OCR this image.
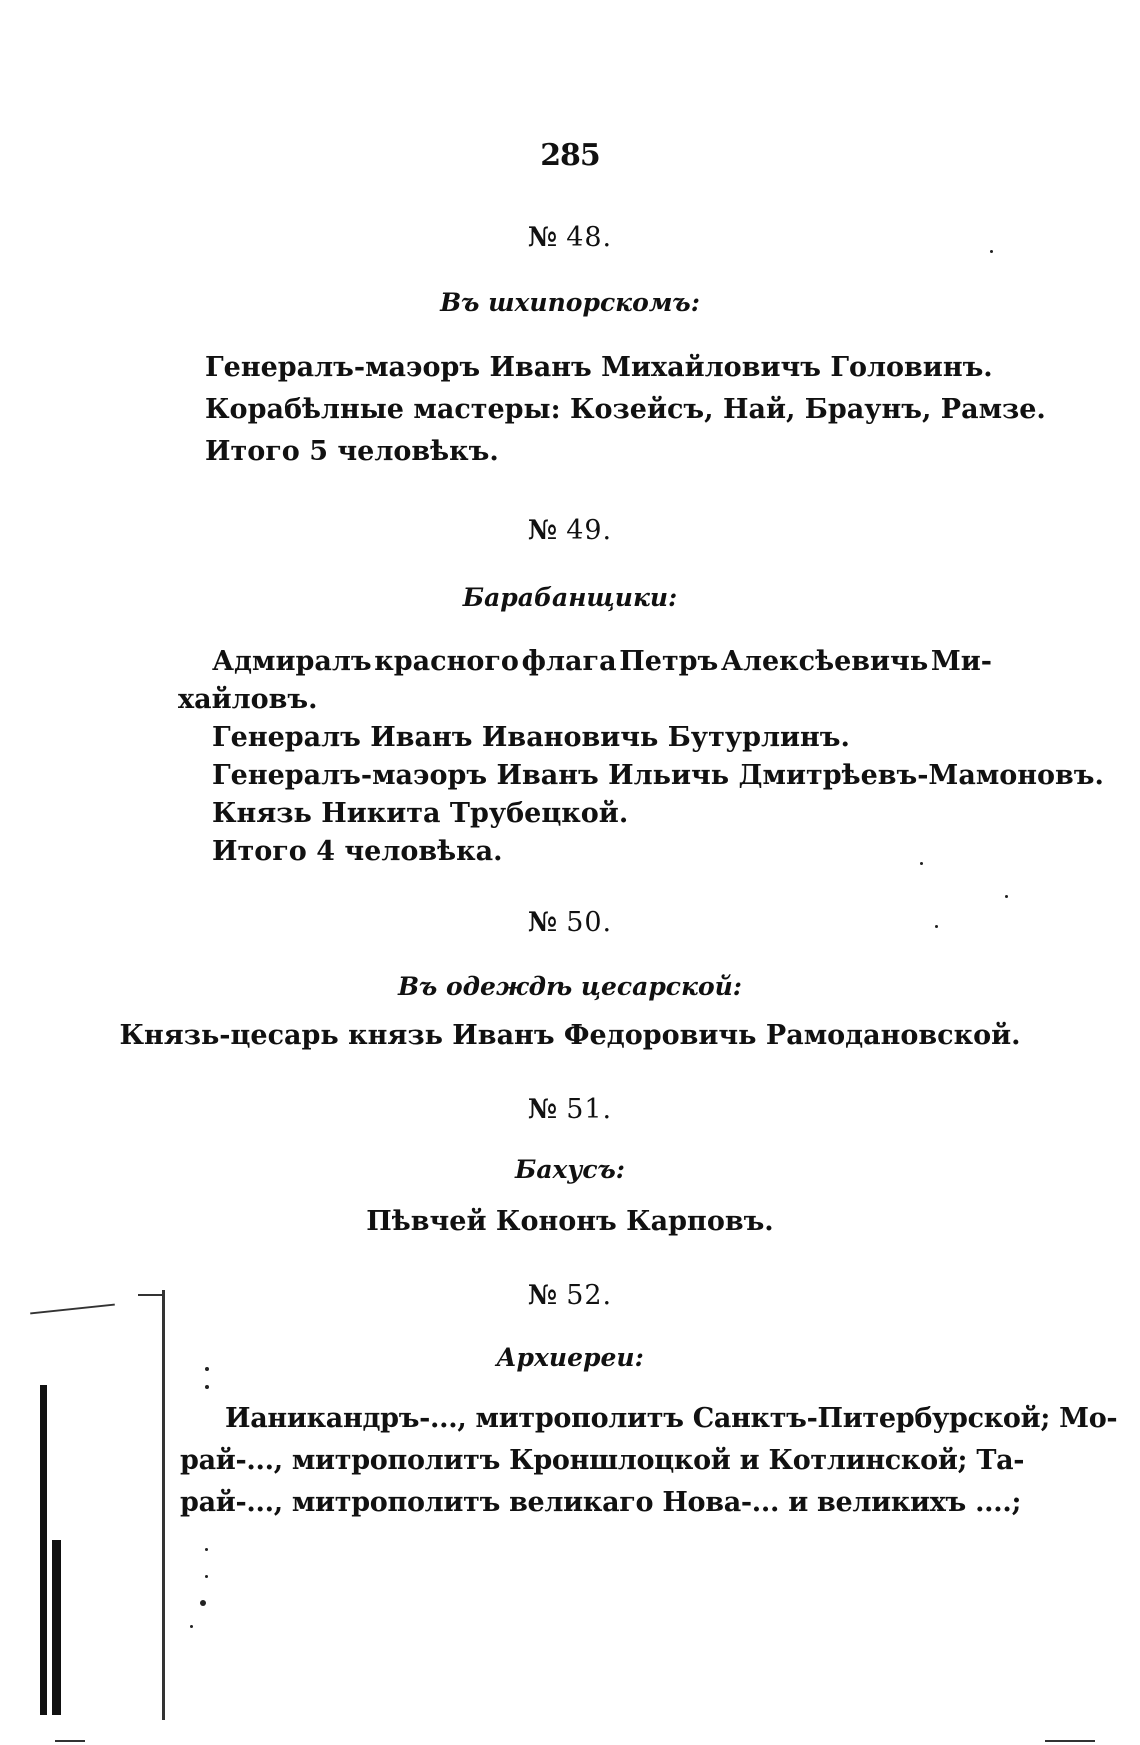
285
№ 48.
Въ шхипорскомъ:
Генералъ-маэоръ Иванъ Михайловичъ Головинъ.
Корабѣлные мастеры: Козейсъ, Най, Браунъ, Рамзе.
Итого 5 человѣкъ.
№ 49.
Барабанщики:
Адмиралъ красного флага Петръ Алексѣевичь Ми-
хайловъ.
Генералъ Иванъ Ивановичь Бутурлинъ.
Генералъ-маэоръ Иванъ Ильичь Дмитрѣевъ-Мамоновъ.
Князь Никита Трубецкой.
Итого 4 человѣка.
№ 50.
Въ одеждѣ цесарской:
Князь-цесарь князь Иванъ Федоровичь Рамодановской.
№ 51.
Бахусъ:
Пѣвчей Кононъ Карповъ.
№ 52.
Архиереи:
Ианикандръ-..., митрополитъ Санктъ-Питербурской; Мо-
рай-..., митрополитъ Кроншлоцкой и Котлинской; Та-
рай-..., митрополитъ великаго Нова-... и великихъ ....;
